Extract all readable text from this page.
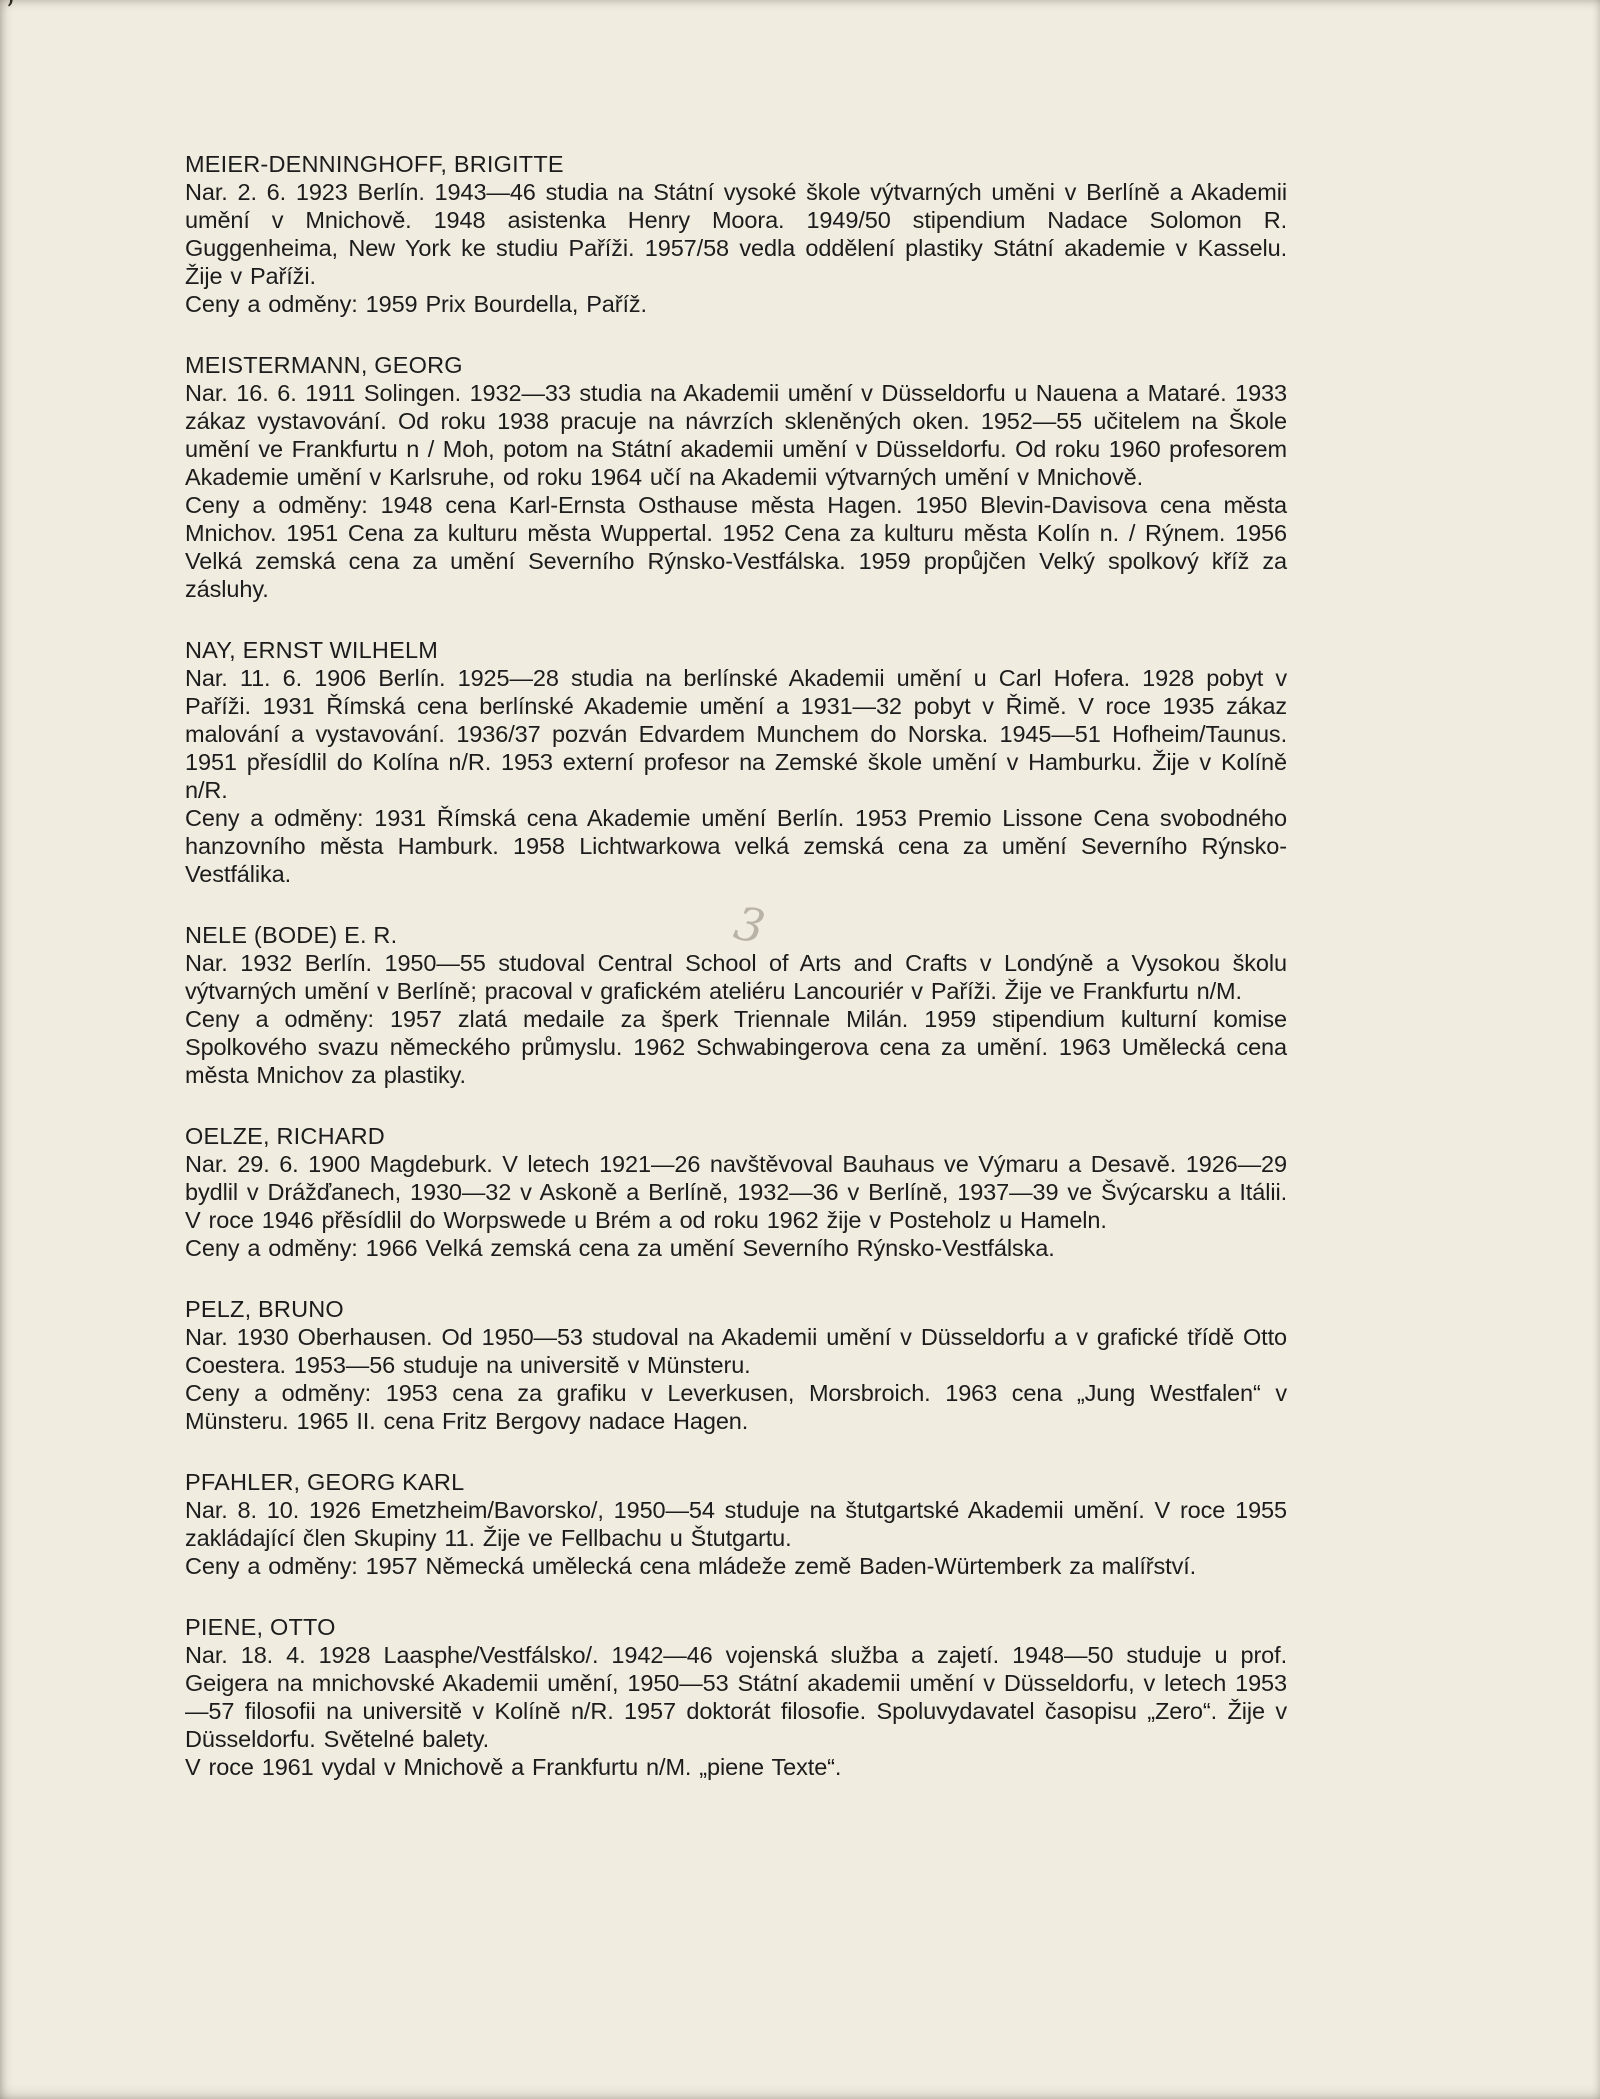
’
3
MEIER-DENNINGHOFF, BRIGITTE

Nar. 2. 6. 1923 Berlín. 1943—46 studia na Státní vysoké škole výtvarných uměni v Berlíně a Akademii umění v Mnichově. 1948 asistenka Henry Moora. 1949/50 stipendium Nadace Solomon R. Guggenheima, New York ke studiu Paříži. 1957/58 vedla oddělení plastiky Státní akademie v Kasselu. Žije v Paříži.

Ceny a odměny: 1959 Prix Bourdella, Paříž.

MEISTERMANN, GEORG

Nar. 16. 6. 1911 Solingen. 1932—33 studia na Akademii umění v Düsseldorfu u Nauena a Mataré. 1933 zákaz vystavování. Od roku 1938 pracuje na návrzích skleněných oken. 1952—55 učitelem na Škole umění ve Frankfurtu n / Moh, potom na Státní akademii umění v Düsseldorfu. Od roku 1960 profesorem Akademie umění v Karlsruhe, od roku 1964 učí na Akademii výtvarných umění v Mnichově.

Ceny a odměny: 1948 cena Karl-Ernsta Osthause města Hagen. 1950 Blevin-Davisova cena města Mnichov. 1951 Cena za kulturu města Wuppertal. 1952 Cena za kulturu města Kolín n. / Rýnem. 1956 Velká zemská cena za umění Severního Rýnsko-Vestfálska. 1959 propůjčen Velký spolkový kříž za zásluhy.

NAY, ERNST WILHELM

Nar. 11. 6. 1906 Berlín. 1925—28 studia na berlínské Akademii umění u Carl Hofera. 1928 pobyt v Paříži. 1931 Římská cena berlínské Akademie umění a 1931—32 pobyt v Řimě. V roce 1935 zákaz malování a vystavování. 1936/37 pozván Edvardem Munchem do Norska. 1945—51 Hofheim/Taunus. 1951 přesídlil do Kolína n/R. 1953 externí profesor na Zemské škole umění v Hamburku. Žije v Kolíně n/R.

Ceny a odměny: 1931 Římská cena Akademie umění Berlín. 1953 Premio Lissone Cena svobodného hanzovního města Hamburk. 1958 Lichtwarkowa velká zemská cena za umění Severního Rýnsko-Vestfálika.

NELE (BODE) E. R.

Nar. 1932 Berlín. 1950—55 studoval Central School of Arts and Crafts v Londýně a Vysokou školu výtvarných umění v Berlíně; pracoval v grafickém ateliéru Lancouriér v Paříži. Žije ve Frankfurtu n/M.

Ceny a odměny: 1957 zlatá medaile za šperk Triennale Milán. 1959 stipendium kulturní komise Spolkového svazu německého průmyslu. 1962 Schwabingerova cena za umění. 1963 Umělecká cena města Mnichov za plastiky.

OELZE, RICHARD

Nar. 29. 6. 1900 Magdeburk. V letech 1921—26 navštěvoval Bauhaus ve Výmaru a Desavě. 1926—29 bydlil v Drážďanech, 1930—32 v Askoně a Berlíně, 1932—36 v Berlíně, 1937—39 ve Švýcarsku a Itálii. V roce 1946 přěsídlil do Worpswede u Brém a od roku 1962 žije v Posteholz u Hameln.

Ceny a odměny: 1966 Velká zemská cena za umění Severního Rýnsko-Vestfálska.

PELZ, BRUNO

Nar. 1930 Oberhausen. Od 1950—53 studoval na Akademii umění v Düsseldorfu a v grafické třídě Otto Coestera. 1953—56 studuje na universitě v Münsteru.

Ceny a odměny: 1953 cena za grafiku v Leverkusen, Morsbroich. 1963 cena „Jung Westfalen“ v Münsteru. 1965 II. cena Fritz Bergovy nadace Hagen.

PFAHLER, GEORG KARL

Nar. 8. 10. 1926 Emetzheim/Bavorsko/, 1950—54 studuje na štutgartské Akademii umění. V roce 1955 zakládající člen Skupiny 11. Žije ve Fellbachu u Štutgartu.

Ceny a odměny: 1957 Německá umělecká cena mládeže země Baden-Würtemberk za malířství.

PIENE, OTTO

Nar. 18. 4. 1928 Laasphe/Vestfálsko/. 1942—46 vojenská služba a zajetí. 1948—50 studuje u prof. Geigera na mnichovské Akademii umění, 1950—53 Státní akademii umění v Düsseldorfu, v letech 1953—57 filosofii na universitě v Kolíně n/R. 1957 doktorát filosofie. Spoluvydavatel časopisu „Zero“. Žije v Düsseldorfu. Světelné balety.

V roce 1961 vydal v Mnichově a Frankfurtu n/M. „piene Texte“.
